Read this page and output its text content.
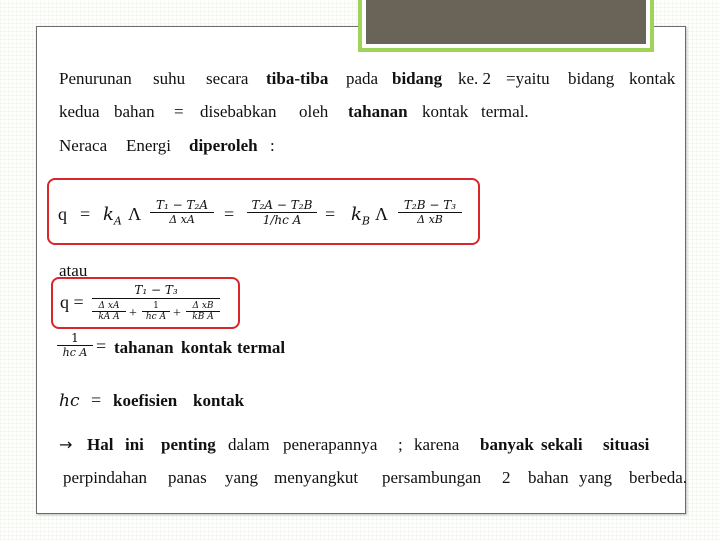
Penurunan suhu secara tiba-tiba pada bidang ke. 2 =yaitu bidang kontak
kedua bahan = disebabkan oleh tahanan kontak termal.
Neraca Energi diperoleh :
$q = k_A$ Λ	T₁ − T₂A
Δ xA	=	T₂A − T₂B
1/hc A	= $k_B$ Λ	T₂B − T₃
Δ xB
atau
q =
T₁ − T₃
Δ xA
kA A +	1
hc A +	Δ xB
kB A
1
hc A = tahanan kontak termal
hc = koefisien kontak
→ Hal ini penting dalam penerapannya ; karena banyak sekali situasi
perpindahan panas yang menyangkut persambungan 2 bahan yang berbeda.
